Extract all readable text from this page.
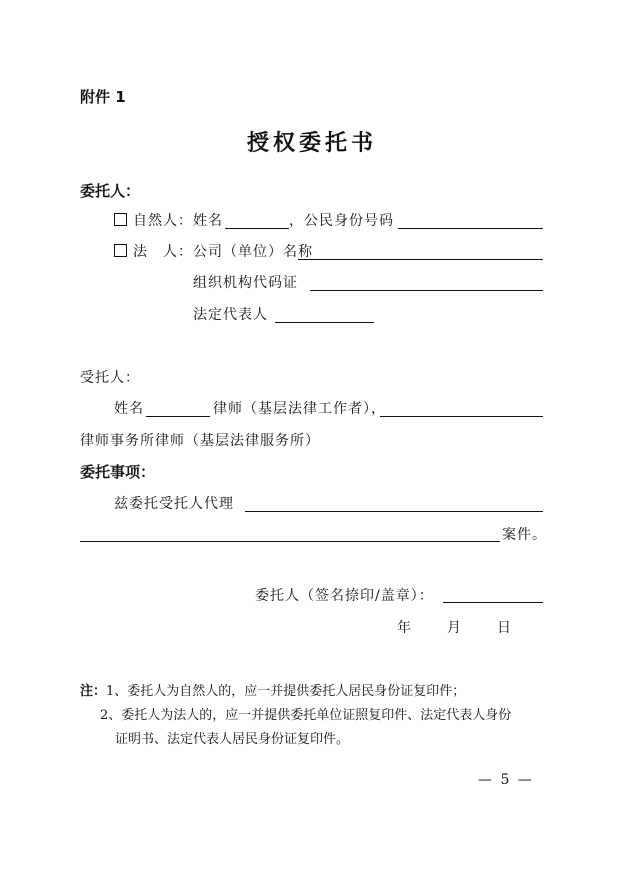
附件 1
授权委托书
委托人：
自然人：姓名	，公民身份号码
法　人：公司（单位）名称
组织机构代码证
法定代表人
受托人：
姓名	律师（基层法律工作者），
律师事务所律师（基层法律服务所）
委托事项：
兹委托受托人代理
案件。
委托人（签名捺印/盖章）：
年	月	日
注：1、委托人为自然人的，应一并提供委托人居民身份证复印件；
2、委托人为法人的，应一并提供委托单位证照复印件、法定代表人身份
证明书、法定代表人居民身份证复印件。
— 5 —
